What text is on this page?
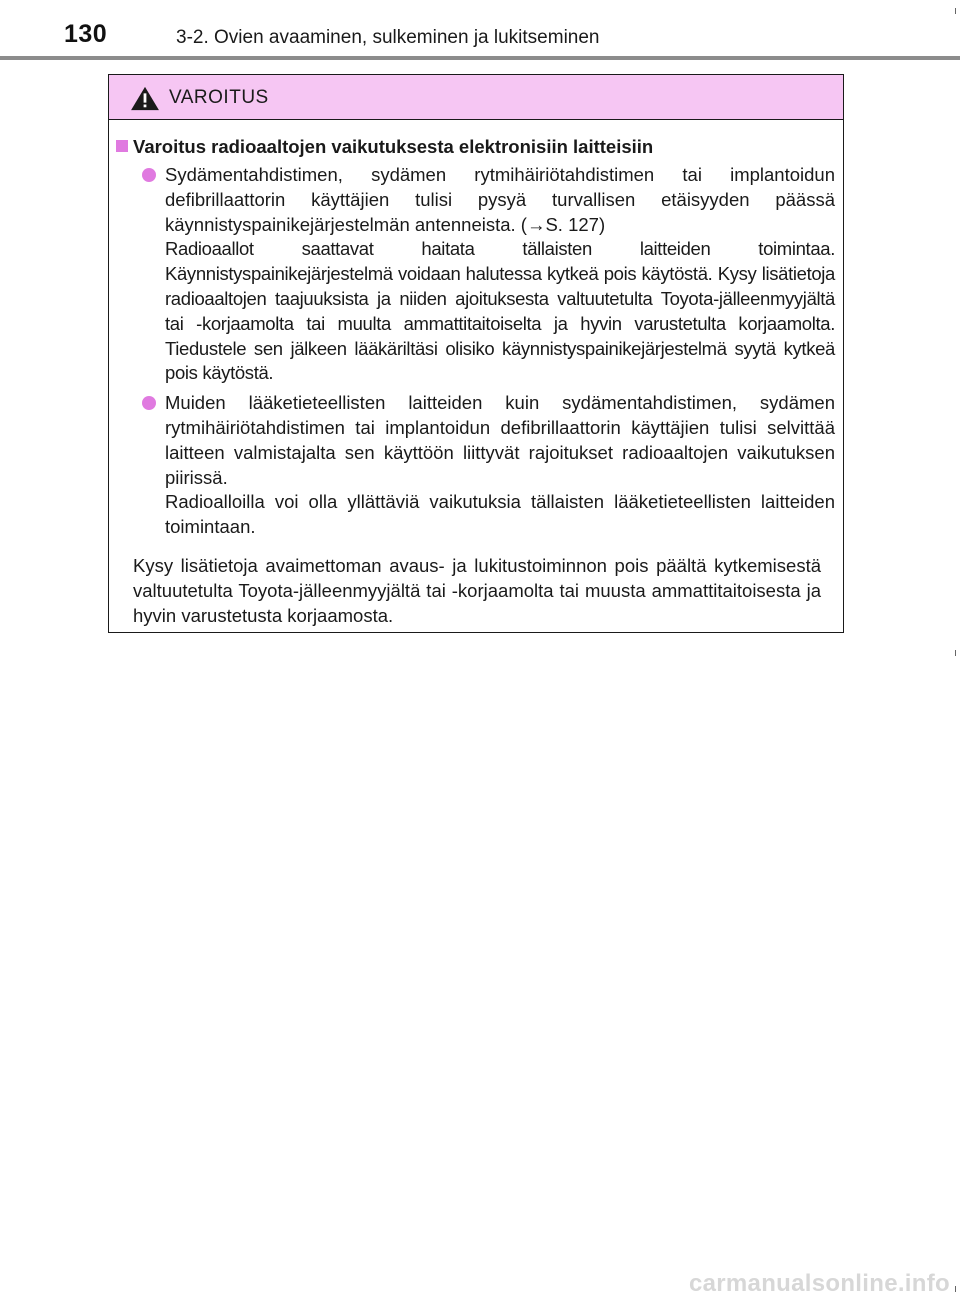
130	3-2. Ovien avaaminen, sulkeminen ja lukitseminen
VAROITUS
Varoitus radioaaltojen vaikutuksesta elektronisiin laitteisiin

Sydämentahdistimen, sydämen rytmihäiriötahdistimen tai implantoidun defibrillaattorin käyttäjien tulisi pysyä turvallisen etäisyyden päässä käynnistyspainikejärjestelmän antenneista. (→S. 127)

Radioaallot saattavat haitata tällaisten laitteiden toimintaa. Käynnistyspainikejärjestelmä voidaan halutessa kytkeä pois käytöstä. Kysy lisätietoja radioaaltojen taajuuksista ja niiden ajoituksesta valtuutetulta Toyota-jälleenmyyjältä tai -korjaamolta tai muulta ammattitaitoiselta ja hyvin varustetulta korjaamolta. Tiedustele sen jälkeen lääkäriltäsi olisiko käynnistyspainikejärjestelmä syytä kytkeä pois käytöstä.

Muiden lääketieteellisten laitteiden kuin sydämentahdistimen, sydämen rytmihäiriötahdistimen tai implantoidun defibrillaattorin käyttäjien tulisi selvittää laitteen valmistajalta sen käyttöön liittyvät rajoitukset radioaaltojen vaikutuksen piirissä.

Radioalloilla voi olla yllättäviä vaikutuksia tällaisten lääketieteellisten laitteiden toimintaan.

Kysy lisätietoja avaimettoman avaus- ja lukitustoiminnon pois päältä kytkemisestä valtuutetulta Toyota-jälleenmyyjältä tai -korjaamolta tai muusta ammattitaitoisesta ja hyvin varustetusta korjaamosta.
carmanualsonline.info
